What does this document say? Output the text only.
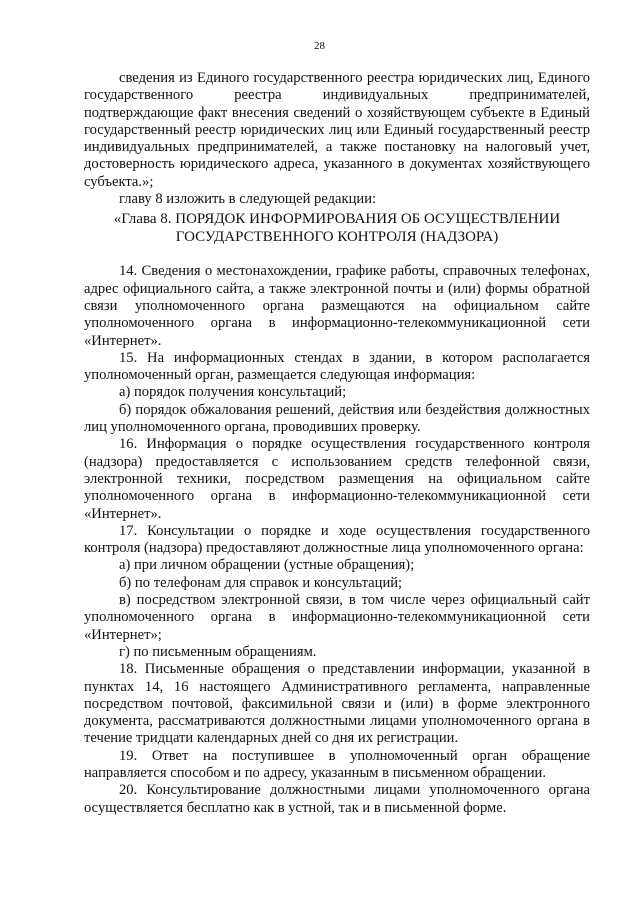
28

сведения из Единого государственного реестра юридических лиц, Единого государственного реестра индивидуальных предпринимателей, подтверждающие факт внесения сведений о хозяйствующем субъекте в Единый государственный реестр юридических лиц или Единый государственный реестр индивидуальных предпринимателей, а также постановку на налоговый учет, достоверность юридического адреса, указанного в документах хозяйствующего субъекта.»;

главу 8 изложить в следующей редакции:

«Глава 8. ПОРЯДОК ИНФОРМИРОВАНИЯ ОБ ОСУЩЕСТВЛЕНИИ
ГОСУДАРСТВЕННОГО КОНТРОЛЯ (НАДЗОРА)

14. Сведения о местонахождении, графике работы, справочных телефонах, адрес официального сайта, а также электронной почты и (или) формы обратной связи уполномоченного органа размещаются на официальном сайте уполномоченного органа в информационно-телекоммуникационной сети «Интернет».

15. На информационных стендах в здании, в котором располагается уполномоченный орган, размещается следующая информация:

а) порядок получения консультаций;

б) порядок обжалования решений, действия или бездействия должностных лиц уполномоченного органа, проводивших проверку.

16. Информация о порядке осуществления государственного контроля (надзора) предоставляется с использованием средств телефонной связи, электронной техники, посредством размещения на официальном сайте уполномоченного органа в информационно-телекоммуникационной сети «Интернет».

17. Консультации о порядке и ходе осуществления государственного контроля (надзора) предоставляют должностные лица уполномоченного органа:

а) при личном обращении (устные обращения);

б) по телефонам для справок и консультаций;

в) посредством электронной связи, в том числе через официальный сайт уполномоченного органа в информационно-телекоммуникационной сети «Интернет»;

г) по письменным обращениям.

18. Письменные обращения о представлении информации, указанной в пунктах 14, 16 настоящего Административного регламента, направленные посредством почтовой, факсимильной связи и (или) в форме электронного документа, рассматриваются должностными лицами уполномоченного органа в течение тридцати календарных дней со дня их регистрации.

19. Ответ на поступившее в уполномоченный орган обращение направляется способом и по адресу, указанным в письменном обращении.

20. Консультирование должностными лицами уполномоченного органа осуществляется бесплатно как в устной, так и в письменной форме.
